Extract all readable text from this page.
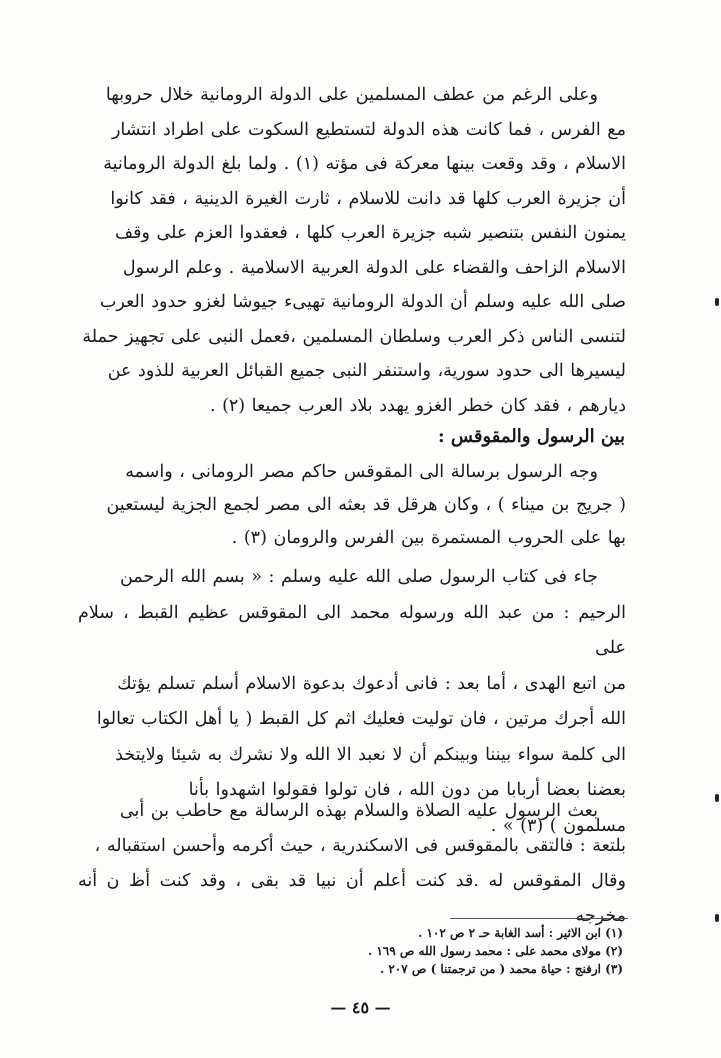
وعلى الرغم من عطف المسلمين على الدولة الرومانية خلال حروبها
مع الفرس ، فما كانت هذه الدولة لتستطيع السكوت على اطراد انتشار
الاسلام ، وقد وقعت بينها معركة فى مؤته (١) . ولما بلغ الدولة الرومانية
أن جزيرة العرب كلها قد دانت للاسلام ، ثارت الغيرة الدينية ، فقد كانوا
يمنون النفس بتنصير شبه جزيرة العرب كلها ، فعقدوا العزم على وقف
الاسلام الزاحف والقضاء على الدولة العربية الاسلامية . وعلم الرسول
صلى الله عليه وسلم أن الدولة الرومانية تهيىء جيوشا لغزو حدود العرب
لتنسى الناس ذكر العرب وسلطان المسلمين ،فعمل النبى على تجهيز حملة
ليسيرها الى حدود سورية، واستنفر النبى جميع القبائل العربية للذود عن
ديارهم ، فقد كان خطر الغزو يهدد بلاد العرب جميعا (٢) .
بين الرسول والمقوقس :
وجه الرسول برسالة الى المقوقس حاكم مصر الرومانى ، واسمه
( جريج بن ميناء ) ، وكان هرقل قد بعثه الى مصر لجمع الجزية ليستعين
بها على الحروب المستمرة بين الفرس والرومان (٣) .
جاء فى كتاب الرسول صلى الله عليه وسلم : « بسم الله الرحمن
الرحيم : من عبد الله ورسوله محمد الى المقوقس عظيم القبط ، سلام على
من اتبع الهدى ، أما بعد : فانى أدعوك بدعوة الاسلام أسلم تسلم يؤتك
الله أجرك مرتين ، فان توليت فعليك اثم كل القبط ( يا أهل الكتاب تعالوا
الى كلمة سواء بيننا وبينكم أن لا نعبد الا الله ولا نشرك به شيئا ولايتخذ
بعضنا بعضا أربابا من دون الله ، فان تولوا فقولوا اشهدوا بأنا
مسلمون ) (٣) » .
بعث الرسول عليه الصلاة والسلام بهذه الرسالة مع حاطب بن أبى
بلتعة : فالتقى بالمقوقس فى الاسكندرية ، حيث أكرمه وأحسن استقباله ،
وقال المقوقس له .قد كنت أعلم أن نبيا قد بقى ، وقد كنت أظ ن أنه مخرجه
(١) ابن الاثير : أسد الغابة حـ ٢ ص ١٠٢ .
(٢) مولاى محمد على : محمد رسول الله ص ١٦٩ .
(٣) ارفنج : حياة محمد ( من ترجمتنا ) ص ٢٠٧ .
— ٤٥ —
